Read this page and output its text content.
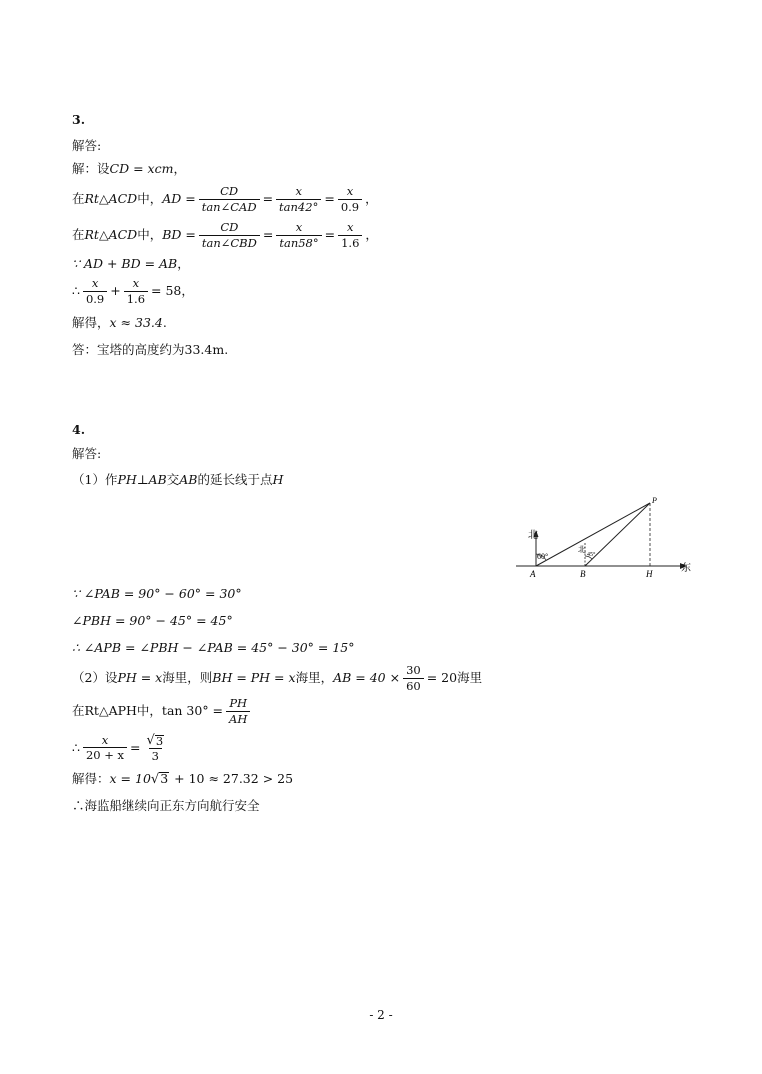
3.
解答:
解：设 CD = xcm ，
在 Rt△ACD 中， AD = $\frac{CD}{\text{tan∠CAD}} = \frac{x}{\tan 42^\circ} = \frac{x}{0.9}$ ，
在 Rt△ACD 中， BD = $\frac{CD}{\text{tan∠CBD}} = \frac{x}{\tan 58^\circ} = \frac{x}{1.6}$ ，
∵ AD + BD = AB ，
∴ $\frac{x}{0.9} + \frac{x}{1.6} = 58$ ，
解得， x ≈ 33.4 .
答：宝塔的高度约为 33.4m .
4.
解答:
（1）作 PH⊥AB 交 AB 的延长线于点 H
北
北
60°	45°
A	B	H
P
东
∵ ∠PAB = 90° − 60° = 30°
∠PBH = 90° − 45° = 45°
∴ ∠APB = ∠PBH − ∠PAB = 45° − 30° = 15°
（2）设 PH = x 海里，则 BH = PH = x 海里， AB = $40 \times \frac{30}{60} = 20$ 海里
在 Rt△APH 中， $\tan 30^\circ = \frac{PH}{AH}$
∴ $\frac{x}{20 + x} = \frac{√ 3}{3}$
解得： x = 10 √ 3 + 10 ≈ 27.32 > 25
∴海监船继续向正东方向航行安全
- 2 -
